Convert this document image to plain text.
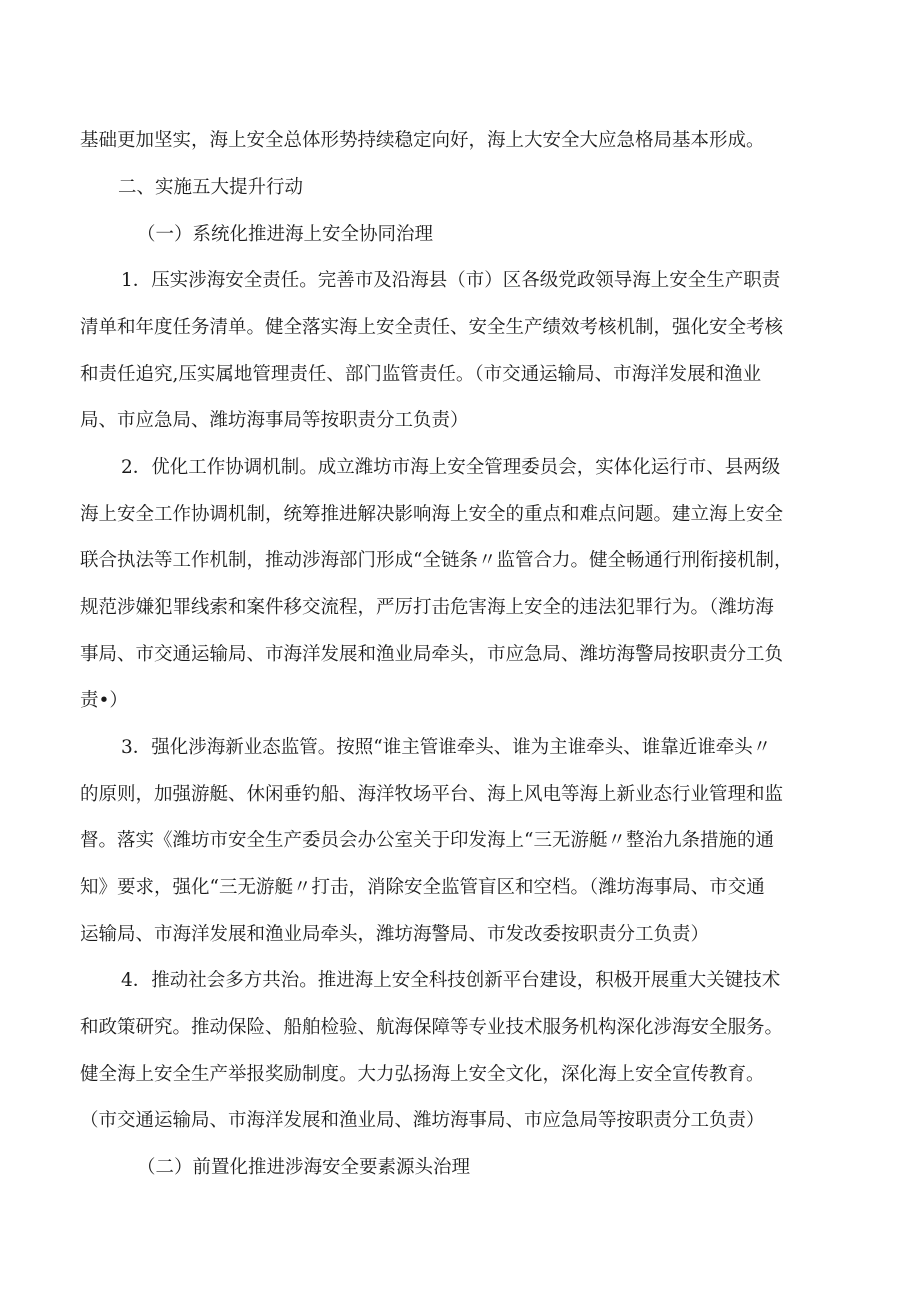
基础更加坚实，海上安全总体形势持续稳定向好，海上大安全大应急格局基本形成。
二、实施五大提升行动
（一）系统化推进海上安全协同治理
1．压实涉海安全责任。完善市及沿海县（市）区各级党政领导海上安全生产职责
清单和年度任务清单。健全落实海上安全责任、安全生产绩效考核机制，强化安全考核
和责任追究,压实属地管理责任、部门监管责任。（市交通运输局、市海洋发展和渔业
局、市应急局、潍坊海事局等按职责分工负责）
2．优化工作协调机制。成立潍坊市海上安全管理委员会，实体化运行市、县两级
海上安全工作协调机制，统筹推进解决影响海上安全的重点和难点问题。建立海上安全
联合执法等工作机制，推动涉海部门形成“全链条〃监管合力。健全畅通行刑衔接机制，
规范涉嫌犯罪线索和案件移交流程，严厉打击危害海上安全的违法犯罪行为。（潍坊海
事局、市交通运输局、市海洋发展和渔业局牵头，市应急局、潍坊海警局按职责分工负
责•）
3．强化涉海新业态监管。按照“谁主管谁牵头、谁为主谁牵头、谁靠近谁牵头〃
的原则，加强游艇、休闲垂钓船、海洋牧场平台、海上风电等海上新业态行业管理和监
督。落实《潍坊市安全生产委员会办公室关于印发海上“三无游艇〃整治九条措施的通
知》要求，强化“三无游艇〃打击，消除安全监管盲区和空档。（潍坊海事局、市交通
运输局、市海洋发展和渔业局牵头，潍坊海警局、市发改委按职责分工负责）
4．推动社会多方共治。推进海上安全科技创新平台建设，积极开展重大关键技术
和政策研究。推动保险、船舶检验、航海保障等专业技术服务机构深化涉海安全服务。
健全海上安全生产举报奖励制度。大力弘扬海上安全文化，深化海上安全宣传教育。
（市交通运输局、市海洋发展和渔业局、潍坊海事局、市应急局等按职责分工负责）
（二）前置化推进涉海安全要素源头治理
